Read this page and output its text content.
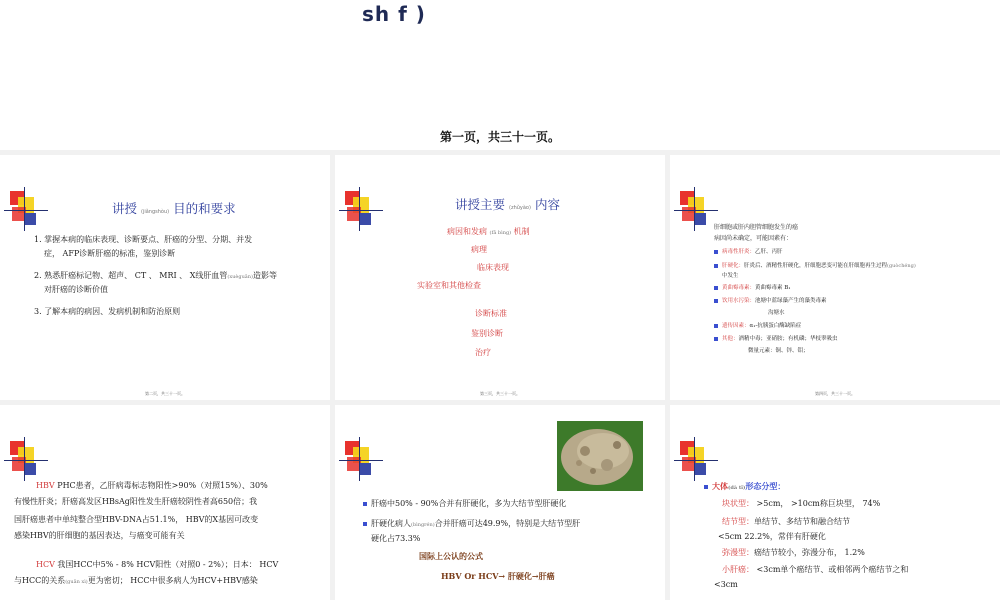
sh f )
第一页，共三十一页。
讲授 (jiǎngshòu) 目的和要求
1. 掌握本病的临床表现、诊断要点、肝癌的分型、分期、并发
症， AFP诊断肝癌的标准，鉴别诊断
2. 熟悉肝癌标记物、超声、 CT 、 MRI 、 X线肝血管(xuèguǎn)造影等
对肝癌的诊断价值
3. 了解本病的病因、发病机制和防治原则
第二页，共三十一页。
讲授主要 (zhǔyào) 内容
病因和发病 (fā bìng) 机制
病理
临床表现
实验室和其他检查
诊断标准
鉴别诊断
治疗
第三页，共三十一页。
肝细胞或肝内胆管细胞发生的癌
病因尚未确定，可能因素有：
病毒性肝炎：乙肝、丙肝
肝硬化：肝炎后、酒精性肝硬化，肝细胞恶变可能在肝细胞再生过程(guòchéng)
中发生
黄曲霉毒素：黄曲霉毒素 B₁
饮用水污染：池塘中蓝绿藻产生的藻类毒素
沟塘水
遗传因素：α₁-抗胰蛋白酶缺陷症
其他：酒精中毒；亚硝胺；有机磷；华枝睾吸虫
微量元素：铜、锌、钼；
第四页，共三十一页。
HBV PHC患者，乙肝病毒标志物阳性>90%（对照15%）、30%
有慢性肝炎；肝癌高发区HBsAg阳性发生肝癌较阴性者高650倍；我
国肝癌患者中单纯整合型HBV-DNA占51.1%， HBV的X基因可改变
感染HBV的肝细胞的基因表达，与癌变可能有关
HCV 我国HCC中5% - 8% HCV阳性（对照0 - 2%）；日本： HCV
与HCC的关系(guān xì)更为密切； HCC中很多病人为HCV+HBV感染
肝癌中50% - 90%合并有肝硬化，多为大结节型肝硬化
肝硬化病人(bìngrén)合并肝癌可达49.9%，特别是大结节型肝
硬化占73.3%
国际上公认的公式
HBV Or HCV→ 肝硬化→肝癌
大体(dà tǐ)形态分型：
块状型： >5cm， >10cm称巨块型， 74%
结节型：单结节、多结节和融合结节
<5cm 22.2%，常伴有肝硬化
弥漫型：癌结节较小，弥漫分布， 1.2%
小肝癌： <3cm单个癌结节、或相邻两个癌结节之和
<3cm
